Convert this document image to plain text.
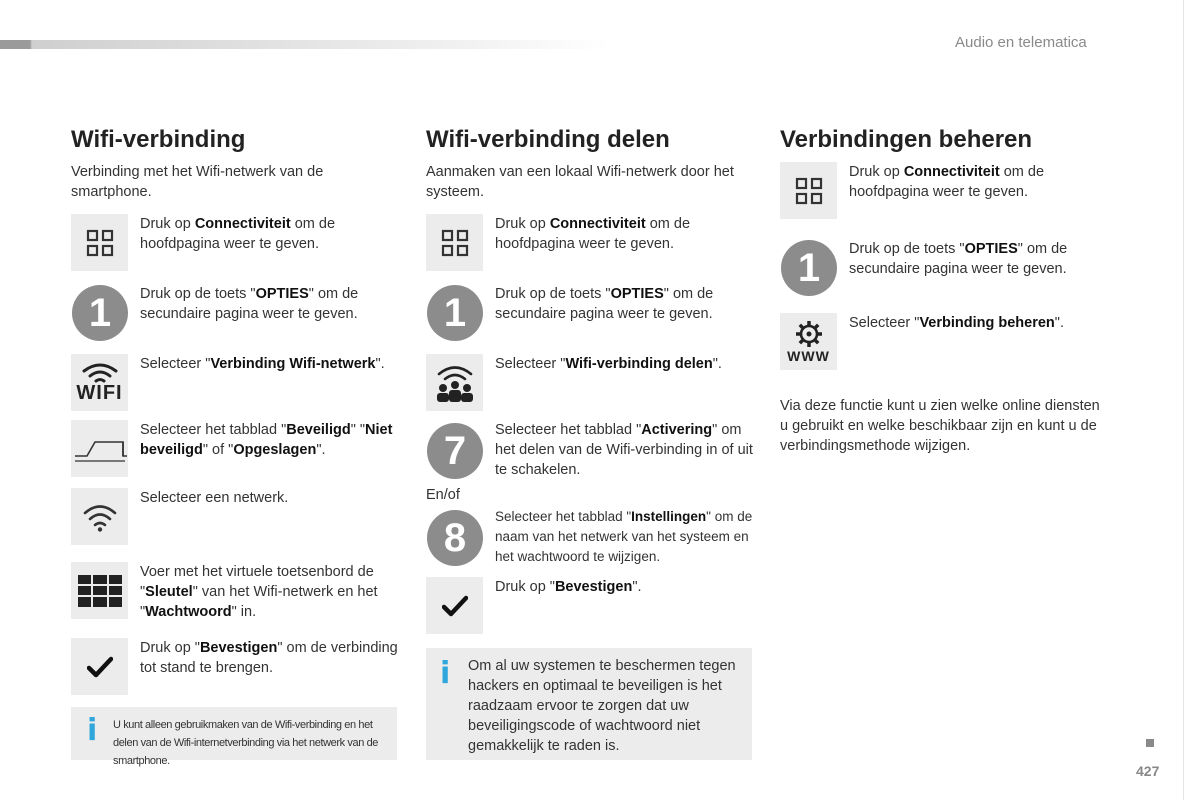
Audio en telematica
Wifi-verbinding
Verbinding met het Wifi-netwerk van de smartphone.
Druk op Connectiviteit om de hoofdpagina weer te geven.
1	Druk op de toets "OPTIES" om de secundaire pagina weer te geven.
WIFI
Selecteer "Verbinding Wifi-netwerk".
Selecteer het tabblad "Beveiligd" "Niet beveiligd" of "Opgeslagen".
Selecteer een netwerk.
Voer met het virtuele toetsenbord de "Sleutel" van het Wifi-netwerk en het "Wachtwoord" in.
Druk op "Bevestigen" om de verbinding tot stand te brengen.
i U kunt alleen gebruikmaken van de Wifi-verbinding en het delen van de Wifi-internetverbinding via het netwerk van de smartphone.
Wifi-verbinding delen
Aanmaken van een lokaal Wifi-netwerk door het systeem.
Druk op Connectiviteit om de hoofdpagina weer te geven.
1	Druk op de toets "OPTIES" om de secundaire pagina weer te geven.
Selecteer "Wifi-verbinding delen".
7	Selecteer het tabblad "Activering" om het delen van de Wifi-verbinding in of uit te schakelen.
En/of
8	Selecteer het tabblad "Instellingen" om de naam van het netwerk van het systeem en het wachtwoord te wijzigen.
Druk op "Bevestigen".
i Om al uw systemen te beschermen tegen hackers en optimaal te beveiligen is het raadzaam ervoor te zorgen dat uw beveiligingscode of wachtwoord niet gemakkelijk te raden is.
Verbindingen beheren
Druk op Connectiviteit om de hoofdpagina weer te geven.
1	Druk op de toets "OPTIES" om de secundaire pagina weer te geven.
WWW
Selecteer "Verbinding beheren".
Via deze functie kunt u zien welke online diensten u gebruikt en welke beschikbaar zijn en kunt u de verbindingsmethode wijzigen.
427
